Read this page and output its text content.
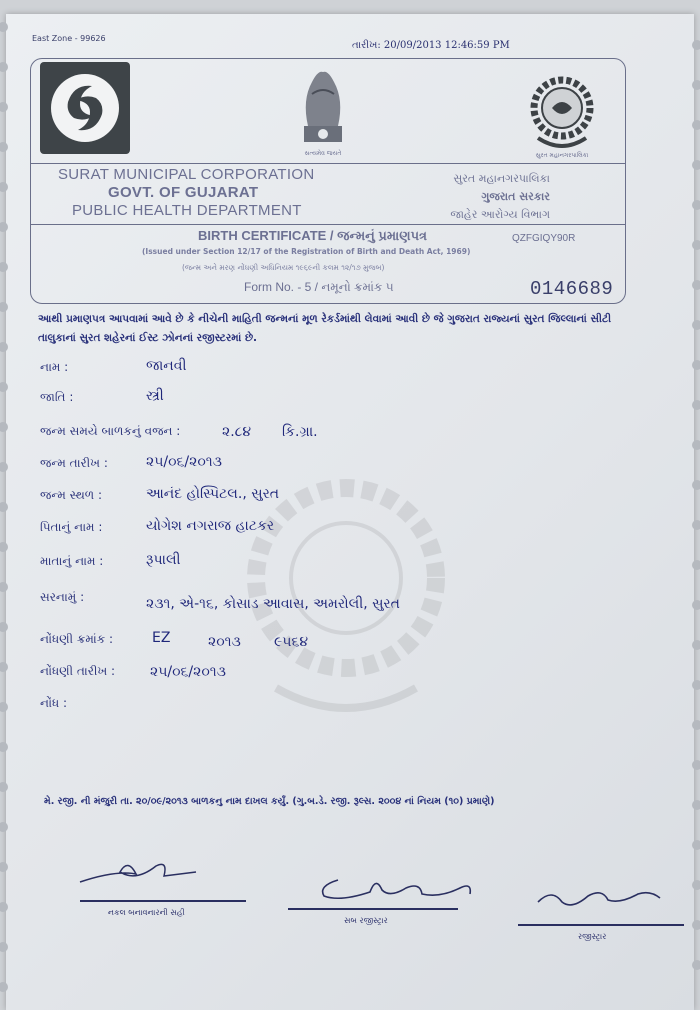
East Zone - 99626
તારીખ: 20/09/2013 12:46:59 PM
સત્યમેવ જયતે	સુરત મહાનગરપાલિકા
SURAT MUNICIPAL CORPORATION
GOVT. OF GUJARAT
PUBLIC HEALTH DEPARTMENT
સુરત મહાનગરપાલિકા
ગુજરાત સરકાર
જાહેર આરોગ્ય વિભાગ
BIRTH CERTIFICATE / જન્મનું પ્રમાણપત્ર	QZFGIQY90R
(Issued under Section 12/17 of the Registration of Birth and Death Act, 1969)
(જન્મ અને મરણ નોંધણી અધિનિયમ ૧૯૬૯ની કલમ ૧૨/૧૭ મુજબ)
Form No. - 5 / નમૂનો ક્રમાંક ૫	0146689
આથી પ્રમાણપત્ર આપવામાં આવે છે કે નીચેની માહિતી જન્મનાં મૂળ રેકર્ડમાંથી લેવામાં આવી છે જે ગુજરાત રાજ્યનાં સુરત જિલ્લાનાં સીટી
તાલુકાનાં સુરત શહેરનાં ઈસ્ટ ઝોનનાં રજીસ્ટરમાં છે.
નામ :	જાનવી
જાતિ :	સ્ત્રી
જન્મ સમયે બાળકનું વજન :	૨.૮૪ કિ.ગ્રા.
જન્મ તારીખ :	૨૫/૦૬/૨૦૧૩
જન્મ સ્થળ :	આનંદ હોસ્પિટલ., સુરત
પિતાનું નામ :	યોગેશ નગરાજ હાટકર
માતાનું નામ :	રૂપાલી
સરનામું :	૨૩૧, એ-૧૬, કોસાડ આવાસ, અમરોલી, સુરત
નોંધણી ક્રમાંક :	EZ	૨૦૧૩ ૯૫૬૪
નોંધણી તારીખ : ૨૫/૦૬/૨૦૧૩
નોંધ :
મે. રજી. ની મંજુરી તા. ૨૦/૦૯/૨૦૧૩ બાળકનુ નામ દાખલ કર્યું. (ગુ.બ.ડે. રજી. રૂલ્સ. ૨૦૦૪ નાં નિયમ (૧૦) પ્રમાણે)
નકલ બનાવનારની સહી
સબ રજીસ્ટ્રાર
રજીસ્ટ્રાર
